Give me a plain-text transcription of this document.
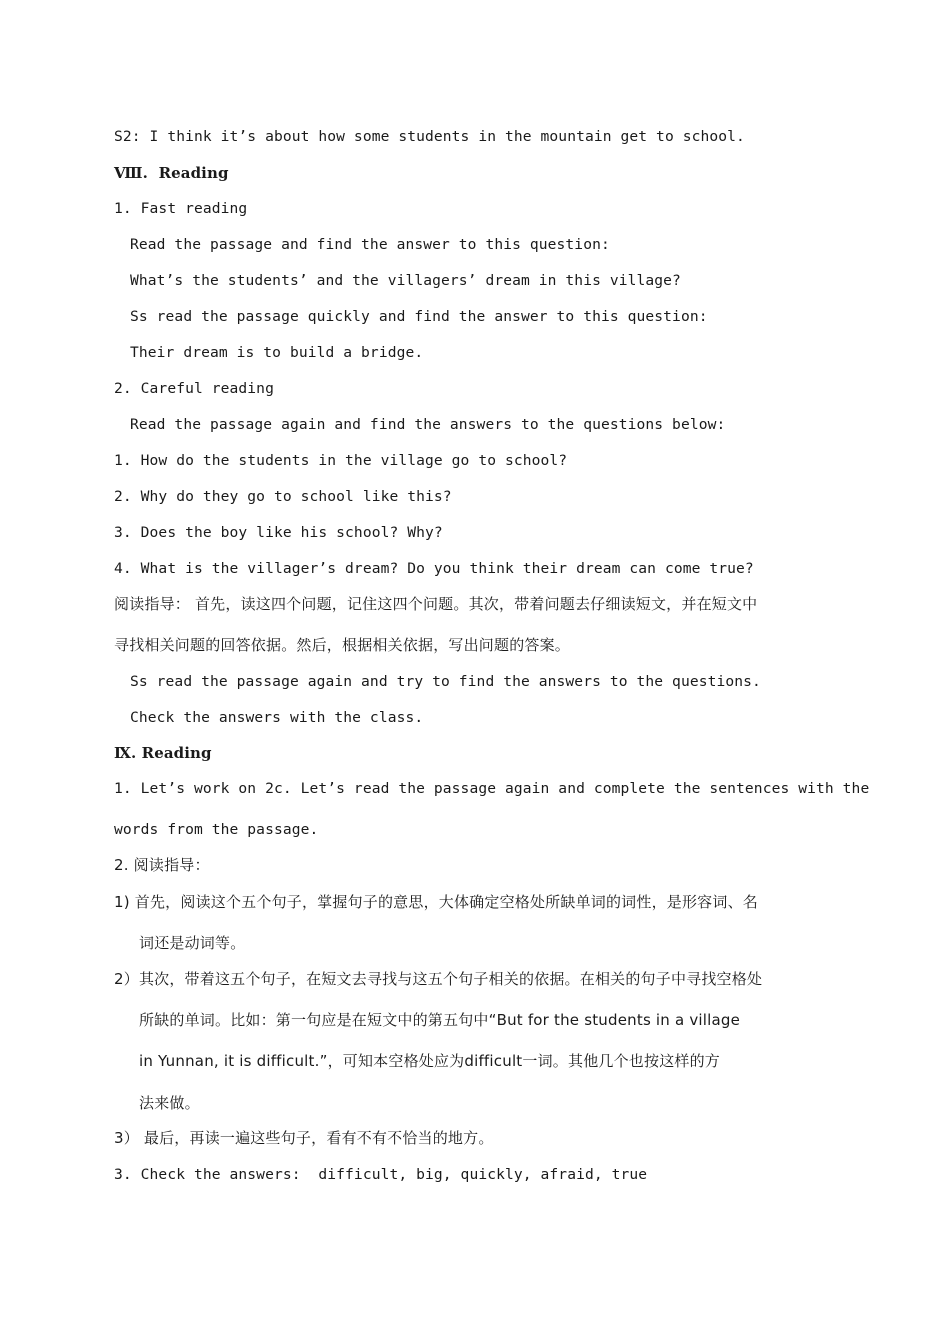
S2: I think it’s about how some students in the mountain get to school.
Ⅷ.  Reading
1. Fast reading
Read the passage and find the answer to this question:
What’s the students’ and the villagers’ dream in this village?
Ss read the passage quickly and find the answer to this question:
Their dream is to build a bridge.
2. Careful reading
Read the passage again and find the answers to the questions below:
1. How do the students in the village go to school?
2. Why do they go to school like this?
3. Does the boy like his school? Why?
4. What is the villager’s dream? Do you think their dream can come true?
阅读指导： 首先，读这四个问题，记住这四个问题。其次，带着问题去仔细读短文，并在短文中
寻找相关问题的回答依据。然后，根据相关依据，写出问题的答案。
Ss read the passage again and try to find the answers to the questions.
Check the answers with the class.
Ⅸ. Reading
1. Let’s work on 2c. Let’s read the passage again and complete the sentences with the
words from the passage.
2. 阅读指导：
1) 首先，阅读这个五个句子，掌握句子的意思，大体确定空格处所缺单词的词性，是形容词、名
词还是动词等。
2）其次，带着这五个句子，在短文去寻找与这五个句子相关的依据。在相关的句子中寻找空格处
所缺的单词。比如：第一句应是在短文中的第五句中“But for the students in a village
in Yunnan, it is difficult.”，可知本空格处应为difficult一词。其他几个也按这样的方
法来做。
3） 最后，再读一遍这些句子，看有不有不恰当的地方。
3. Check the answers:  difficult, big, quickly, afraid, true
